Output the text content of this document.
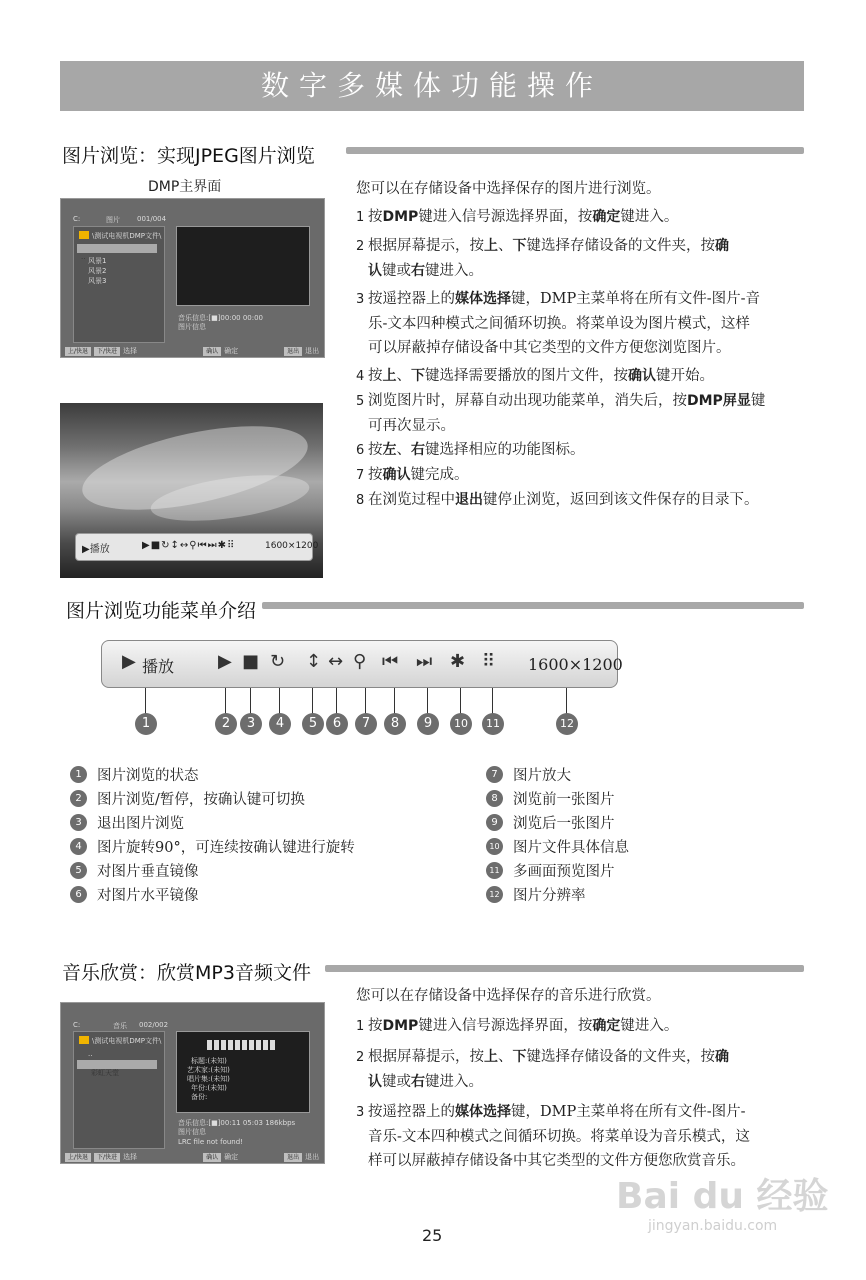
数字多媒体功能操作
图片浏览：实现JPEG图片浏览
DMP主界面
C:	图片 001/004
\测试电视机DMP文件\
.. 风景1
风景2
风景3
音乐信息:[■]00:00 00:00
图片信息
上/快退	下/快进 选择	确认 确定	退出 退出
▶播放	▶■↻↕↔⚲⏮⏭✱⠿	1600×1200
您可以在存储设备中选择保存的图片进行浏览。
1 按DMP键进入信号源选择界面，按确定键进入。
2 根据屏幕提示，按上、下键选择存储设备的文件夹，按确
认键或右键进入。
3 按遥控器上的媒体选择键，DMP主菜单将在所有文件-图片-音
乐-文本四种模式之间循环切换。将菜单设为图片模式，这样
可以屏蔽掉存储设备中其它类型的文件方便您浏览图片。
4 按上、下键选择需要播放的图片文件，按确认键开始。
5 浏览图片时，屏幕自动出现功能菜单，消失后，按DMP屏显键
可再次显示。
6 按左、右键选择相应的功能图标。
7 按确认键完成。
8 在浏览过程中退出键停止浏览，返回到该文件保存的目录下。
图片浏览功能菜单介绍
▶ 播放 ▶ ■ ↻ ↕ ↔ ⚲ ⏮ ⏭ ✱ ⠿ 1600×1200
1	2	3	4	5	6	7	8	9	10	11	12
1	图片浏览的状态
2	图片浏览/暂停，按确认键可切换
3	退出图片浏览
4	图片旋转90°，可连续按确认键进行旋转
5	对图片垂直镜像
6	对图片水平镜像
7	图片放大
8	浏览前一张图片
9	浏览后一张图片
10 图片文件具体信息
11 多画面预览图片
12 图片分辨率
音乐欣赏：欣赏MP3音频文件
C:	音乐 002/002
\测试电视机DMP文件\
..
彩虹天堂
标题:(未知)
艺术家:(未知)
唱片集:(未知)
年份:(未知)
备份:
音乐信息:[■]00:11 05:03 186kbps
图片信息
LRC file not found!
上/快退	下/快进 选择	确认 确定	退出 退出
您可以在存储设备中选择保存的音乐进行欣赏。
1 按DMP键进入信号源选择界面，按确定键进入。
2 根据屏幕提示，按上、下键选择存储设备的文件夹，按确
认键或右键进入。
3 按遥控器上的媒体选择键，DMP主菜单将在所有文件-图片-
音乐-文本四种模式之间循环切换。将菜单设为音乐模式，这
样可以屏蔽掉存储设备中其它类型的文件方便您欣赏音乐。
25
Bai du 经验
jingyan.baidu.com
